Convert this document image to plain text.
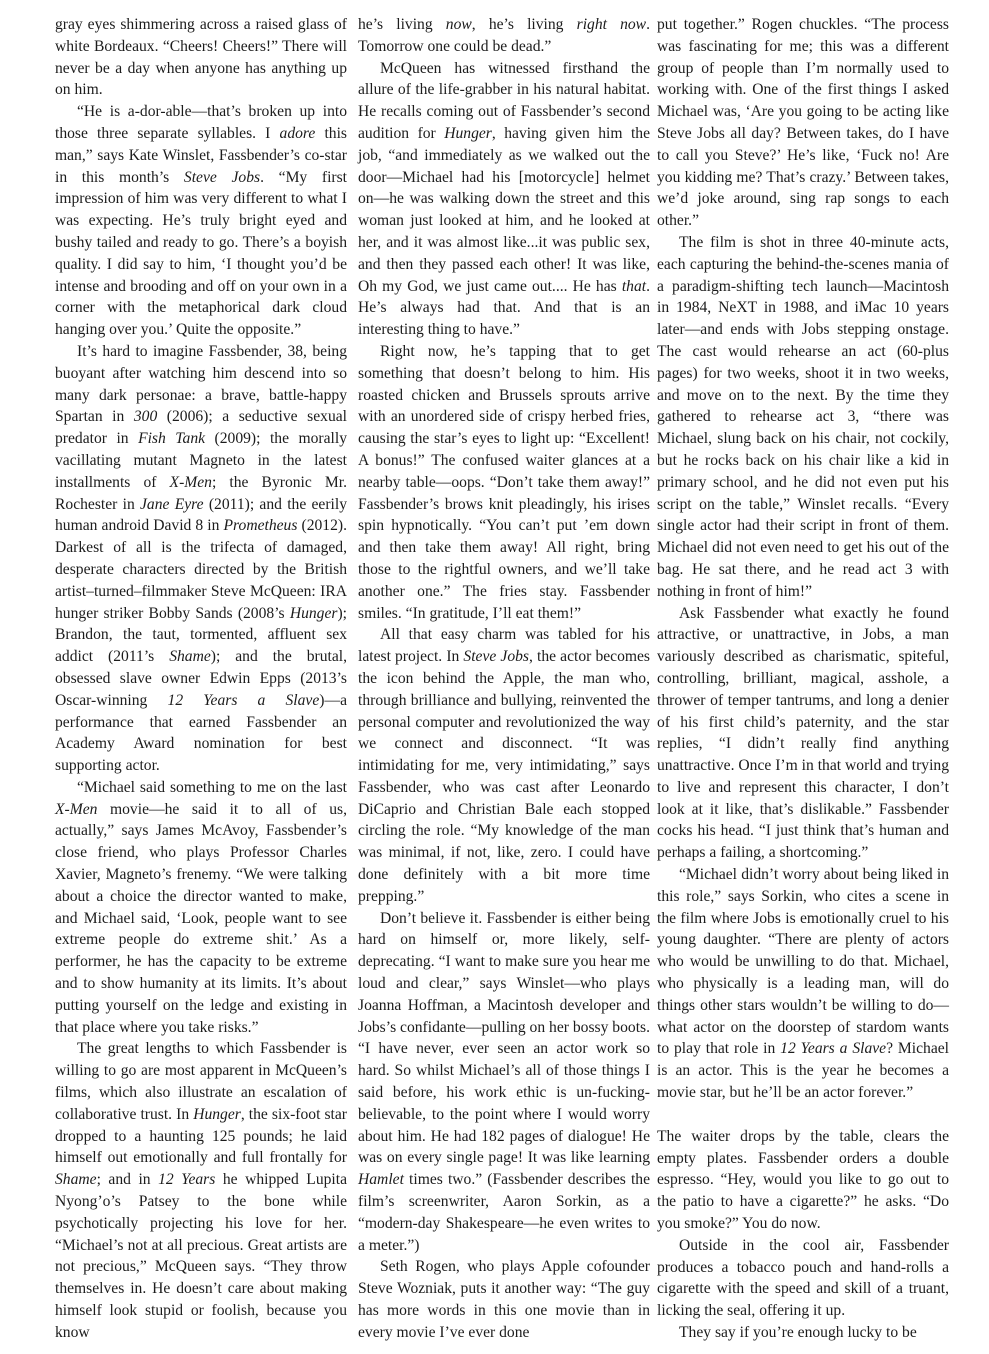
gray eyes shimmering across a raised glass of white Bordeaux. “Cheers! Cheers!” There will never be a day when anyone has anything up on him.

“He is a-dor-able—that’s broken up into those three separate syllables. I adore this man,” says Kate Winslet, Fassbender’s co-star in this month’s Steve Jobs. “My first impression of him was very different to what I was expecting. He’s truly bright eyed and bushy tailed and ready to go. There’s a boyish quality. I did say to him, ‘I thought you’d be intense and brooding and off on your own in a corner with the metaphorical dark cloud hanging over you.’ Quite the opposite.”

It’s hard to imagine Fassbender, 38, being buoyant after watching him descend into so many dark personae: a brave, battle-happy Spartan in 300 (2006); a seductive sexual predator in Fish Tank (2009); the morally vacillating mutant Magneto in the latest installments of X-Men; the Byronic Mr. Rochester in Jane Eyre (2011); and the eerily human android David 8 in Prometheus (2012). Darkest of all is the trifecta of damaged, desperate characters directed by the British artist–turned–filmmaker Steve McQueen: IRA hunger striker Bobby Sands (2008’s Hunger); Brandon, the taut, tormented, affluent sex addict (2011’s Shame); and the brutal, obsessed slave owner Edwin Epps (2013’s Oscar-winning 12 Years a Slave)—a performance that earned Fassbender an Academy Award nomination for best supporting actor.

“Michael said something to me on the last X-Men movie—he said it to all of us, actually,” says James McAvoy, Fassbender’s close friend, who plays Professor Charles Xavier, Magneto’s frenemy. “We were talking about a choice the director wanted to make, and Michael said, ‘Look, people want to see extreme people do extreme shit.’ As a performer, he has the capacity to be extreme and to show humanity at its limits. It’s about putting yourself on the ledge and existing in that place where you take risks.”

The great lengths to which Fassbender is willing to go are most apparent in McQueen’s films, which also illustrate an escalation of collaborative trust. In Hunger, the six-foot star dropped to a haunting 125 pounds; he laid himself out emotionally and full frontally for Shame; and in 12 Years he whipped Lupita Nyong’o’s Patsey to the bone while psychotically projecting his love for her. “Michael’s not at all precious. Great artists are not precious,” McQueen says. “They throw themselves in. He doesn’t care about making himself look stupid or foolish, because you know

he’s living now, he’s living right now. Tomorrow one could be dead.”

McQueen has witnessed firsthand the allure of the life-grabber in his natural habitat. He recalls coming out of Fassbender’s second audition for Hunger, having given him the job, “and immediately as we walked out the door—Michael had his [motorcycle] helmet on—he was walking down the street and this woman just looked at him, and he looked at her, and it was almost like...it was public sex, and then they passed each other! It was like, Oh my God, we just came out.... He has that. He’s always had that. And that is an interesting thing to have.”

Right now, he’s tapping that to get something that doesn’t belong to him. His roasted chicken and Brussels sprouts arrive with an unordered side of crispy herbed fries, causing the star’s eyes to light up: “Excellent! A bonus!” The confused waiter glances at a nearby table—oops. “Don’t take them away!” Fassbender’s brows knit pleadingly, his irises spin hypnotically. “You can’t put ’em down and then take them away! All right, bring those to the rightful owners, and we’ll take another one.” The fries stay. Fassbender smiles. “In gratitude, I’ll eat them!”

All that easy charm was tabled for his latest project. In Steve Jobs, the actor becomes the icon behind the Apple, the man who, through brilliance and bullying, reinvented the personal computer and revolutionized the way we connect and disconnect. “It was intimidating for me, very intimidating,” says Fassbender, who was cast after Leonardo DiCaprio and Christian Bale each stopped circling the role. “My knowledge of the man was minimal, if not, like, zero. I could have done definitely with a bit more time prepping.”

Don’t believe it. Fassbender is either being hard on himself or, more likely, self-deprecating. “I want to make sure you hear me loud and clear,” says Winslet—who plays Joanna Hoffman, a Macintosh developer and Jobs’s confidante—pulling on her bossy boots. “I have never, ever seen an actor work so hard. So whilst Michael’s all of those things I said before, his work ethic is un-fucking-believable, to the point where I would worry about him. He had 182 pages of dialogue! He was on every single page! It was like learning Hamlet times two.” (Fassbender describes the film’s screenwriter, Aaron Sorkin, as a “modern-day Shakespeare—he even writes to a meter.”)

Seth Rogen, who plays Apple cofounder Steve Wozniak, puts it another way: “The guy has more words in this one movie than in every movie I’ve ever done

put together.” Rogen chuckles. “The process was fascinating for me; this was a different group of people than I’m normally used to working with. One of the first things I asked Michael was, ‘Are you going to be acting like Steve Jobs all day? Between takes, do I have to call you Steve?’ He’s like, ‘Fuck no! Are you kidding me? That’s crazy.’ Between takes, we’d joke around, sing rap songs to each other.”

The film is shot in three 40-minute acts, each capturing the behind-the-scenes mania of a paradigm-shifting tech launch—Macintosh in 1984, NeXT in 1988, and iMac 10 years later—and ends with Jobs stepping onstage. The cast would rehearse an act (60-plus pages) for two weeks, shoot it in two weeks, and move on to the next. By the time they gathered to rehearse act 3, “there was Michael, slung back on his chair, not cockily, but he rocks back on his chair like a kid in primary school, and he did not even put his script on the table,” Winslet recalls. “Every single actor had their script in front of them. Michael did not even need to get his out of the bag. He sat there, and he read act 3 with nothing in front of him!”

Ask Fassbender what exactly he found attractive, or unattractive, in Jobs, a man variously described as charismatic, spiteful, controlling, brilliant, magical, asshole, a thrower of temper tantrums, and long a denier of his first child’s paternity, and the star replies, “I didn’t really find anything unattractive. Once I’m in that world and trying to live and represent this character, I don’t look at it like, that’s dislikable.” Fassbender cocks his head. “I just think that’s human and perhaps a failing, a shortcoming.”

“Michael didn’t worry about being liked in this role,” says Sorkin, who cites a scene in the film where Jobs is emotionally cruel to his young daughter. “There are plenty of actors who would be unwilling to do that. Michael, who physically is a leading man, will do things other stars wouldn’t be willing to do—what actor on the doorstep of stardom wants to play that role in 12 Years a Slave? Michael is an actor. This is the year he becomes a movie star, but he’ll be an actor forever.”

The waiter drops by the table, clears the empty plates. Fassbender orders a double espresso. “Hey, would you like to go out to the patio to have a cigarette?” he asks. “Do you smoke?” You do now.

Outside in the cool air, Fassbender produces a tobacco pouch and hand-rolls a cigarette with the speed and skill of a truant, licking the seal, offering it up.

They say if you’re enough lucky to be
